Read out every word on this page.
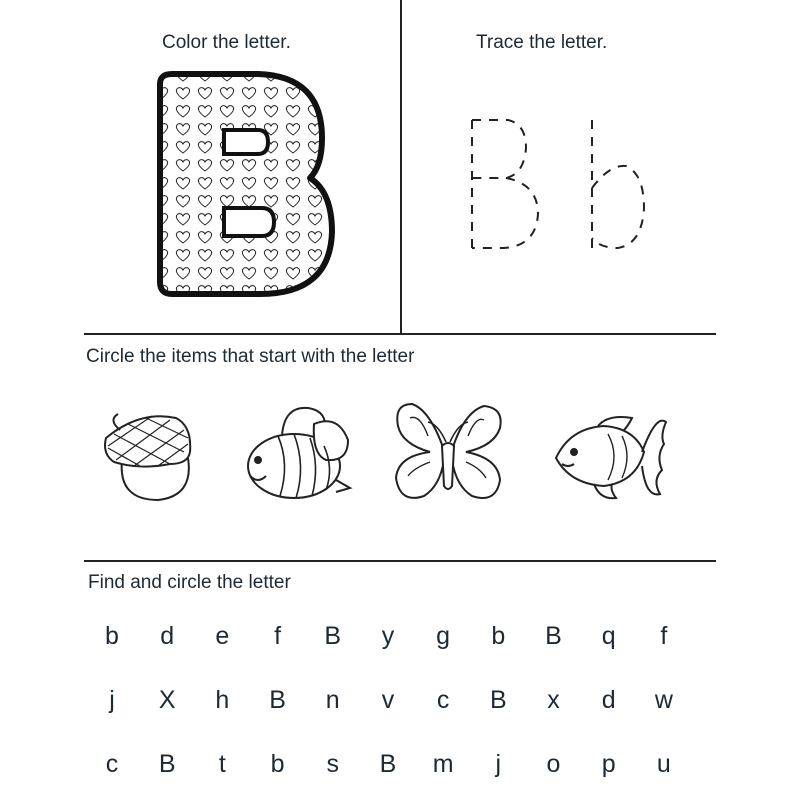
Color the letter.	Trace the letter.
Circle the items that start with the letter
Find and circle the letter
b	d	e	f	B	y	g	b	B	q	f
j	X	h	B	n	v	c	B	x	d	w
c	B	t	b	s	B	m	j	o	p	u
